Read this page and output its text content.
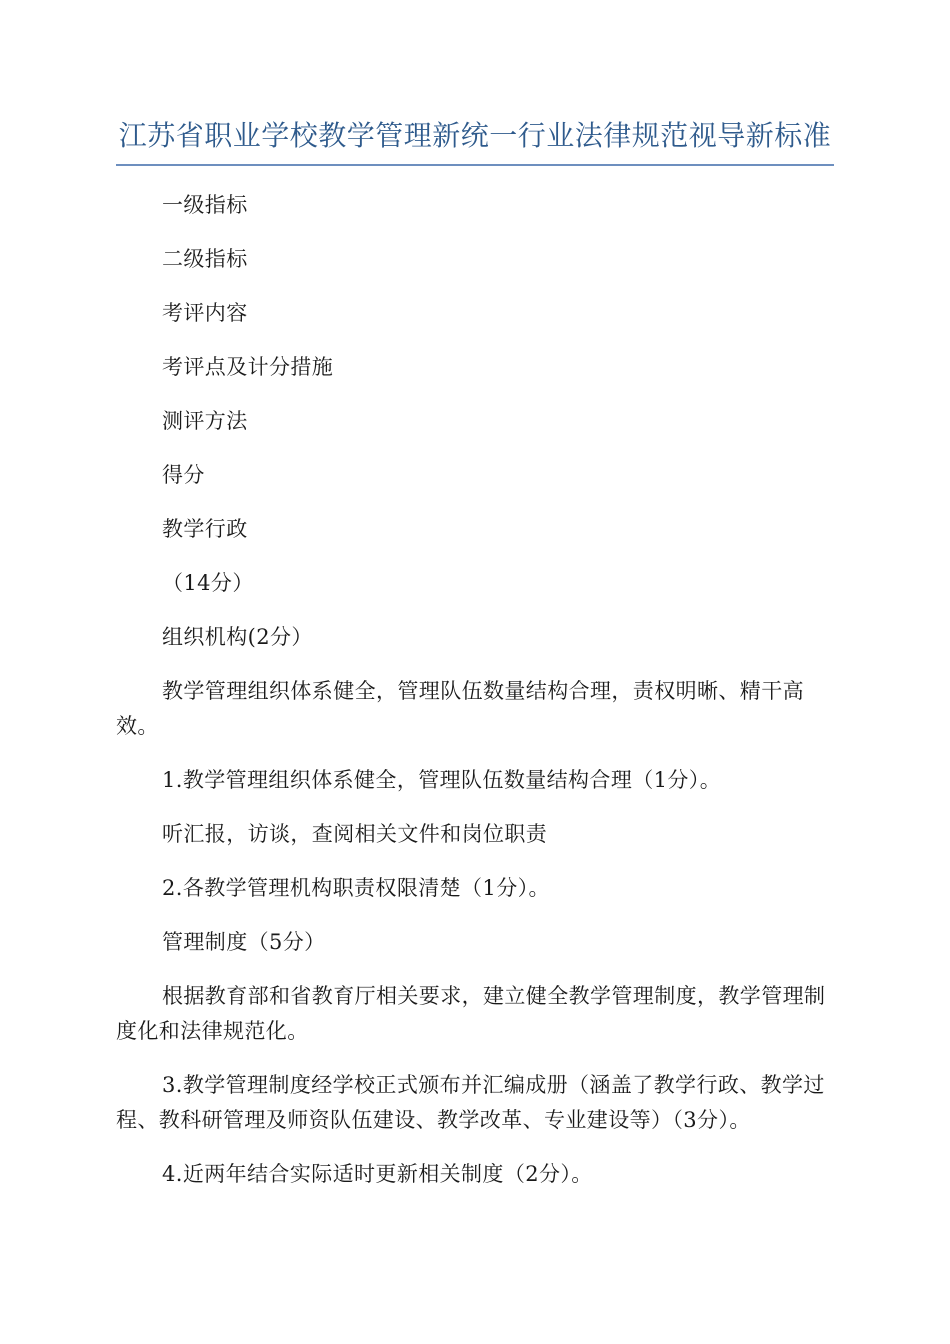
江苏省职业学校教学管理新统一行业法律规范视导新标准

一级指标

二级指标

考评内容

考评点及计分措施

测评方法

得分

教学行政

（14分）

组织机构(2分）

教学管理组织体系健全，管理队伍数量结构合理，责权明晰、精干高效。

1.教学管理组织体系健全，管理队伍数量结构合理（1分）。

听汇报，访谈，查阅相关文件和岗位职责

2.各教学管理机构职责权限清楚（1分）。

管理制度（5分）

根据教育部和省教育厅相关要求，建立健全教学管理制度，教学管理制度化和法律规范化。

3.教学管理制度经学校正式颁布并汇编成册（涵盖了教学行政、教学过程、教科研管理及师资队伍建设、教学改革、专业建设等）（3分）。

4.近两年结合实际适时更新相关制度（2分）。
